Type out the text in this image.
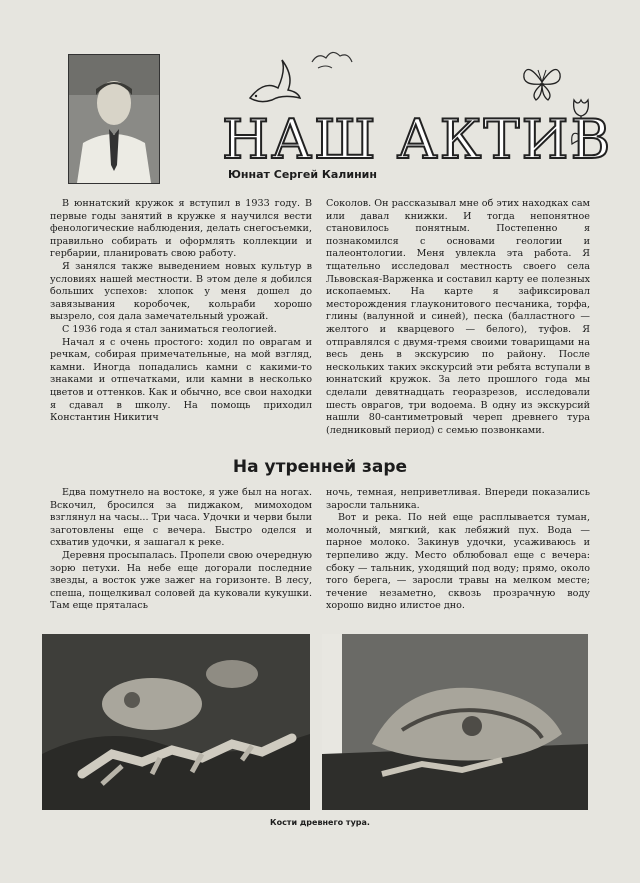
НАШ АКТИВ
Юннат Сергей Калинин

В юннатский кружок я вступил в 1933 году. В первые годы занятий в кружке я научился вести фенологические наблюдения, делать снегосъемки, правильно собирать и оформлять коллекции и гербарии, планировать свою работу.

Я занялся также выведением новых культур в условиях нашей местности. В этом деле я добился больших успехов: хлопок у меня дошел до завязывания коробочек, кольраби хорошо вызрело, соя дала замечательный урожай.

С 1936 года я стал заниматься геологией.

Начал я с очень простого: ходил по оврагам и речкам, собирая примечательные, на мой взгляд, камни. Иногда попадались камни с какими-то знаками и отпечатками, или камни в несколько цветов и оттенков. Как и обычно, все свои находки я сдавал в школу. На помощь приходил Константин Никитич

Соколов. Он рассказывал мне об этих находках сам или давал книжки. И тогда непонятное становилось понятным. Постепенно я познакомился с основами геологии и палеонтологии. Меня увлекла эта работа. Я тщательно исследовал местность своего села Львовская-Варженка и составил карту ее полезных ископаемых. На карте я зафиксировал месторождения глауконитового песчаника, торфа, глины (валунной и синей), песка (балластного — желтого и кварцевого — белого), туфов. Я отправлялся с двумя-тремя своими товарищами на весь день в экскурсию по району. После нескольких таких экскурсий эти ребята вступали в юннатский кружок. За лето прошлого года мы сделали девятнадцать георазрезов, исследовали шесть оврагов, три водоема. В одну из экскурсий нашли 80-сантиметровый череп древнего тура (ледниковый период) с семью позвонками.

На утренней заре

Едва помутнело на востоке, я уже был на ногах. Вскочил, бросился за пиджаком, мимоходом взглянул на часы... Три часа. Удочки и черви были заготовлены еще с вечера. Быстро оделся и схватив удочки, я зашагал к реке.

Деревня просыпалась. Пропели свою очередную зорю петухи. На небе еще догорали последние звезды, а восток уже зажег на горизонте. В лесу, спеша, пощелкивал соловей да куковали кукушки. Там еще пряталась

ночь, темная, неприветливая. Впереди показались заросли тальника.

Вот и река. По ней еще расплывается туман, молочный, мягкий, как лебяжий пух. Вода — парное молоко. Закинув удочки, усаживаюсь и терпеливо жду. Место облюбовал еще с вечера: сбоку — тальник, уходящий под воду; прямо, около того берега, — заросли травы на мелком месте; течение незаметно, сквозь прозрачную воду хорошо видно илистое дно.

Кости древнего тура.
